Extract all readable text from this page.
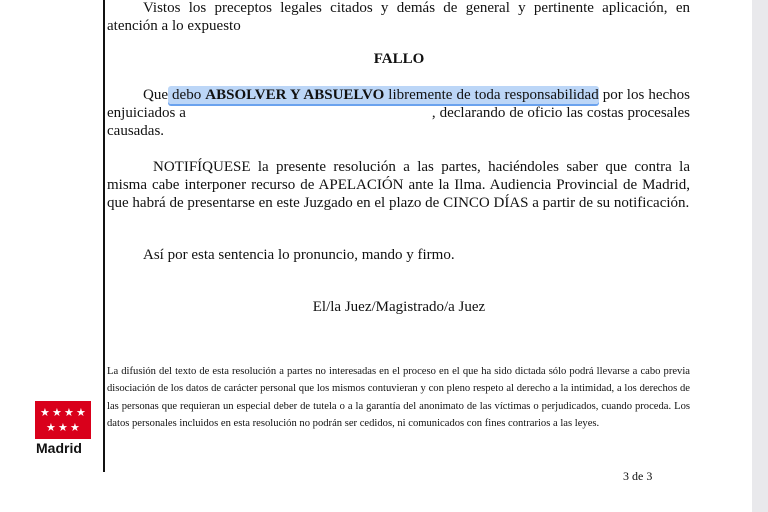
Vistos los preceptos legales citados y demás de general y pertinente aplicación, en atención a lo expuesto

FALLO

Que debo ABSOLVER Y ABSUELVO libremente de toda responsabilidad por los hechos enjuiciados a	, declarando de oficio las costas procesales causadas.

NOTIFÍQUESE la presente resolución a las partes, haciéndoles saber que contra la misma cabe interponer recurso de APELACIÓN ante la Ilma. Audiencia Provincial de Madrid, que habrá de presentarse en este Juzgado en el plazo de CINCO DÍAS a partir de su notificación.

Así por esta sentencia lo pronuncio, mando y firmo.

El/la Juez/Magistrado/a Juez

La difusión del texto de esta resolución a partes no interesadas en el proceso en el que ha sido dictada sólo podrá llevarse a cabo previa disociación de los datos de carácter personal que los mismos contuvieran y con pleno respeto al derecho a la intimidad, a los derechos de las personas que requieran un especial deber de tutela o a la garantía del anonimato de las víctimas o perjudicados, cuando proceda. Los datos personales incluidos en esta resolución no podrán ser cedidos, ni comunicados con fines contrarios a las leyes.

3 de 3
★ ★ ★ ★
★ ★ ★
Madrid
